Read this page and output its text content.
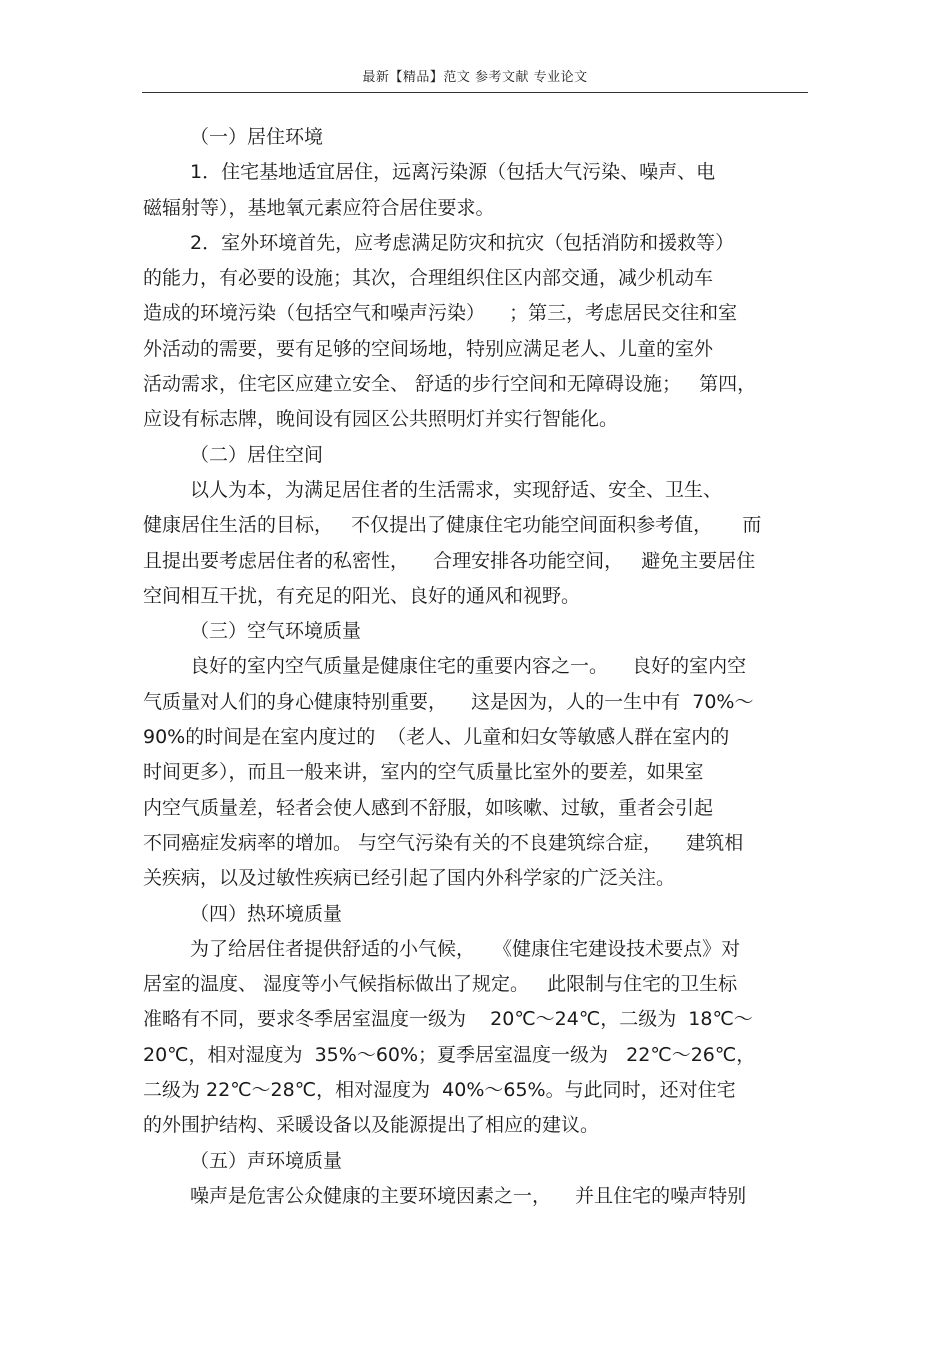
最新【精品】范文 参考文献 专业论文
（一）居住环境
1．住宅基地适宜居住，远离污染源（包括大气污染、噪声、电
磁辐射等），基地氧元素应符合居住要求。
2．室外环境首先，应考虑满足防灾和抗灾（包括消防和援救等）
的能力，有必要的设施；其次，合理组织住区内部交通，减少机动车
造成的环境污染（包括空气和噪声污染）    ；第三，考虑居民交往和室
外活动的需要，要有足够的空间场地，特别应满足老人、儿童的室外
活动需求，住宅区应建立安全、 舒适的步行空间和无障碍设施；   第四，
应设有标志牌，晚间设有园区公共照明灯并实行智能化。
（二）居住空间
以人为本，为满足居住者的生活需求，实现舒适、安全、卫生、
健康居住生活的目标，   不仅提出了健康住宅功能空间面积参考值，     而
且提出要考虑居住者的私密性，    合理安排各功能空间，   避免主要居住
空间相互干扰，有充足的阳光、良好的通风和视野。
（三）空气环境质量
良好的室内空气质量是健康住宅的重要内容之一。    良好的室内空
气质量对人们的身心健康特别重要，    这是因为，人的一生中有  70%～
90%的时间是在室内度过的  （老人、儿童和妇女等敏感人群在室内的
时间更多），而且一般来讲，室内的空气质量比室外的要差，如果室
内空气质量差，轻者会使人感到不舒服，如咳嗽、过敏，重者会引起
不同癌症发病率的增加。 与空气污染有关的不良建筑综合症，    建筑相
关疾病，以及过敏性疾病已经引起了国内外科学家的广泛关注。
（四）热环境质量
为了给居住者提供舒适的小气候，   《健康住宅建设技术要点》对
居室的温度、 湿度等小气候指标做出了规定。   此限制与住宅的卫生标
准略有不同，要求冬季居室温度一级为    20℃～24℃，二级为  18℃～
20℃，相对湿度为  35%～60%；夏季居室温度一级为   22℃～26℃，
二级为 22℃～28℃，相对湿度为  40%～65%。与此同时，还对住宅
的外围护结构、采暖设备以及能源提出了相应的建议。
（五）声环境质量
噪声是危害公众健康的主要环境因素之一，    并且住宅的噪声特别
